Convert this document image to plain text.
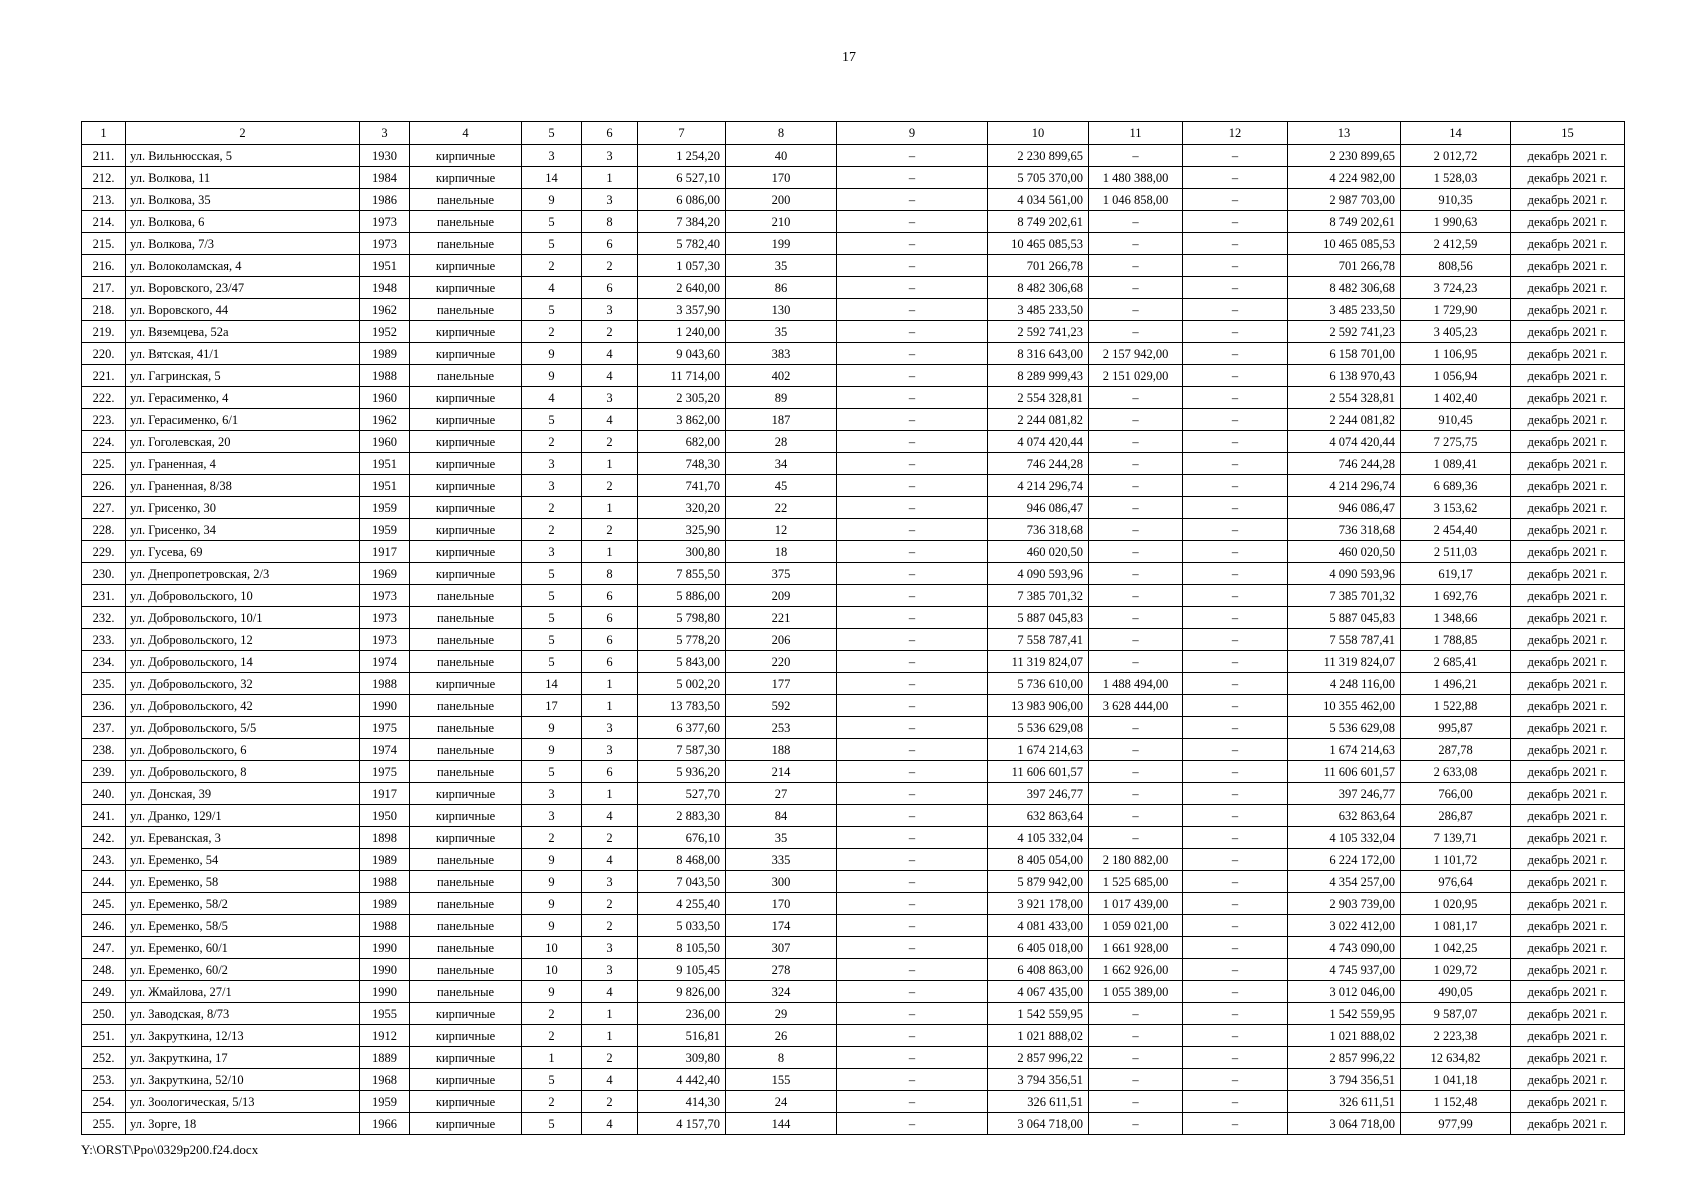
17
1	2	3	4	5	6	7	8	9	10	11	12	13	14	15
211.	ул. Вильнюсская, 5	1930	кирпичные	3	3	1 254,20	40	–	2 230 899,65	–	–	2 230 899,65	2 012,72	декабрь 2021 г.
212.	ул. Волкова, 11	1984	кирпичные	14	1	6 527,10	170	–	5 705 370,00	1 480 388,00	–	4 224 982,00	1 528,03	декабрь 2021 г.
213.	ул. Волкова, 35	1986	панельные	9	3	6 086,00	200	–	4 034 561,00	1 046 858,00	–	2 987 703,00	910,35	декабрь 2021 г.
214.	ул. Волкова, 6	1973	панельные	5	8	7 384,20	210	–	8 749 202,61	–	–	8 749 202,61	1 990,63	декабрь 2021 г.
215.	ул. Волкова, 7/3	1973	панельные	5	6	5 782,40	199	–	10 465 085,53	–	–	10 465 085,53	2 412,59	декабрь 2021 г.
216.	ул. Волоколамская, 4	1951	кирпичные	2	2	1 057,30	35	–	701 266,78	–	–	701 266,78	808,56	декабрь 2021 г.
217.	ул. Воровского, 23/47	1948	кирпичные	4	6	2 640,00	86	–	8 482 306,68	–	–	8 482 306,68	3 724,23	декабрь 2021 г.
218.	ул. Воровского, 44	1962	панельные	5	3	3 357,90	130	–	3 485 233,50	–	–	3 485 233,50	1 729,90	декабрь 2021 г.
219.	ул. Вяземцева, 52а	1952	кирпичные	2	2	1 240,00	35	–	2 592 741,23	–	–	2 592 741,23	3 405,23	декабрь 2021 г.
220.	ул. Вятская, 41/1	1989	кирпичные	9	4	9 043,60	383	–	8 316 643,00	2 157 942,00	–	6 158 701,00	1 106,95	декабрь 2021 г.
221.	ул. Гагринская, 5	1988	панельные	9	4	11 714,00	402	–	8 289 999,43	2 151 029,00	–	6 138 970,43	1 056,94	декабрь 2021 г.
222.	ул. Герасименко, 4	1960	кирпичные	4	3	2 305,20	89	–	2 554 328,81	–	–	2 554 328,81	1 402,40	декабрь 2021 г.
223.	ул. Герасименко, 6/1	1962	кирпичные	5	4	3 862,00	187	–	2 244 081,82	–	–	2 244 081,82	910,45	декабрь 2021 г.
224.	ул. Гоголевская, 20	1960	кирпичные	2	2	682,00	28	–	4 074 420,44	–	–	4 074 420,44	7 275,75	декабрь 2021 г.
225.	ул. Граненная, 4	1951	кирпичные	3	1	748,30	34	–	746 244,28	–	–	746 244,28	1 089,41	декабрь 2021 г.
226.	ул. Граненная, 8/38	1951	кирпичные	3	2	741,70	45	–	4 214 296,74	–	–	4 214 296,74	6 689,36	декабрь 2021 г.
227.	ул. Грисенко, 30	1959	кирпичные	2	1	320,20	22	–	946 086,47	–	–	946 086,47	3 153,62	декабрь 2021 г.
228.	ул. Грисенко, 34	1959	кирпичные	2	2	325,90	12	–	736 318,68	–	–	736 318,68	2 454,40	декабрь 2021 г.
229.	ул. Гусева, 69	1917	кирпичные	3	1	300,80	18	–	460 020,50	–	–	460 020,50	2 511,03	декабрь 2021 г.
230.	ул. Днепропетровская, 2/3	1969	кирпичные	5	8	7 855,50	375	–	4 090 593,96	–	–	4 090 593,96	619,17	декабрь 2021 г.
231.	ул. Добровольского, 10	1973	панельные	5	6	5 886,00	209	–	7 385 701,32	–	–	7 385 701,32	1 692,76	декабрь 2021 г.
232.	ул. Добровольского, 10/1	1973	панельные	5	6	5 798,80	221	–	5 887 045,83	–	–	5 887 045,83	1 348,66	декабрь 2021 г.
233.	ул. Добровольского, 12	1973	панельные	5	6	5 778,20	206	–	7 558 787,41	–	–	7 558 787,41	1 788,85	декабрь 2021 г.
234.	ул. Добровольского, 14	1974	панельные	5	6	5 843,00	220	–	11 319 824,07	–	–	11 319 824,07	2 685,41	декабрь 2021 г.
235.	ул. Добровольского, 32	1988	кирпичные	14	1	5 002,20	177	–	5 736 610,00	1 488 494,00	–	4 248 116,00	1 496,21	декабрь 2021 г.
236.	ул. Добровольского, 42	1990	панельные	17	1	13 783,50	592	–	13 983 906,00	3 628 444,00	–	10 355 462,00	1 522,88	декабрь 2021 г.
237.	ул. Добровольского, 5/5	1975	панельные	9	3	6 377,60	253	–	5 536 629,08	–	–	5 536 629,08	995,87	декабрь 2021 г.
238.	ул. Добровольского, 6	1974	панельные	9	3	7 587,30	188	–	1 674 214,63	–	–	1 674 214,63	287,78	декабрь 2021 г.
239.	ул. Добровольского, 8	1975	панельные	5	6	5 936,20	214	–	11 606 601,57	–	–	11 606 601,57	2 633,08	декабрь 2021 г.
240.	ул. Донская, 39	1917	кирпичные	3	1	527,70	27	–	397 246,77	–	–	397 246,77	766,00	декабрь 2021 г.
241.	ул. Дранко, 129/1	1950	кирпичные	3	4	2 883,30	84	–	632 863,64	–	–	632 863,64	286,87	декабрь 2021 г.
242.	ул. Ереванская, 3	1898	кирпичные	2	2	676,10	35	–	4 105 332,04	–	–	4 105 332,04	7 139,71	декабрь 2021 г.
243.	ул. Еременко, 54	1989	панельные	9	4	8 468,00	335	–	8 405 054,00	2 180 882,00	–	6 224 172,00	1 101,72	декабрь 2021 г.
244.	ул. Еременко, 58	1988	панельные	9	3	7 043,50	300	–	5 879 942,00	1 525 685,00	–	4 354 257,00	976,64	декабрь 2021 г.
245.	ул. Еременко, 58/2	1989	панельные	9	2	4 255,40	170	–	3 921 178,00	1 017 439,00	–	2 903 739,00	1 020,95	декабрь 2021 г.
246.	ул. Еременко, 58/5	1988	панельные	9	2	5 033,50	174	–	4 081 433,00	1 059 021,00	–	3 022 412,00	1 081,17	декабрь 2021 г.
247.	ул. Еременко, 60/1	1990	панельные	10	3	8 105,50	307	–	6 405 018,00	1 661 928,00	–	4 743 090,00	1 042,25	декабрь 2021 г.
248.	ул. Еременко, 60/2	1990	панельные	10	3	9 105,45	278	–	6 408 863,00	1 662 926,00	–	4 745 937,00	1 029,72	декабрь 2021 г.
249.	ул. Жмайлова, 27/1	1990	панельные	9	4	9 826,00	324	–	4 067 435,00	1 055 389,00	–	3 012 046,00	490,05	декабрь 2021 г.
250.	ул. Заводская, 8/73	1955	кирпичные	2	1	236,00	29	–	1 542 559,95	–	–	1 542 559,95	9 587,07	декабрь 2021 г.
251.	ул. Закруткина, 12/13	1912	кирпичные	2	1	516,81	26	–	1 021 888,02	–	–	1 021 888,02	2 223,38	декабрь 2021 г.
252.	ул. Закруткина, 17	1889	кирпичные	1	2	309,80	8	–	2 857 996,22	–	–	2 857 996,22	12 634,82	декабрь 2021 г.
253.	ул. Закруткина, 52/10	1968	кирпичные	5	4	4 442,40	155	–	3 794 356,51	–	–	3 794 356,51	1 041,18	декабрь 2021 г.
254.	ул. Зоологическая, 5/13	1959	кирпичные	2	2	414,30	24	–	326 611,51	–	–	326 611,51	1 152,48	декабрь 2021 г.
255.	ул. Зорге, 18	1966	кирпичные	5	4	4 157,70	144	–	3 064 718,00	–	–	3 064 718,00	977,99	декабрь 2021 г.
Y:\ORST\Ppo\0329p200.f24.docx
